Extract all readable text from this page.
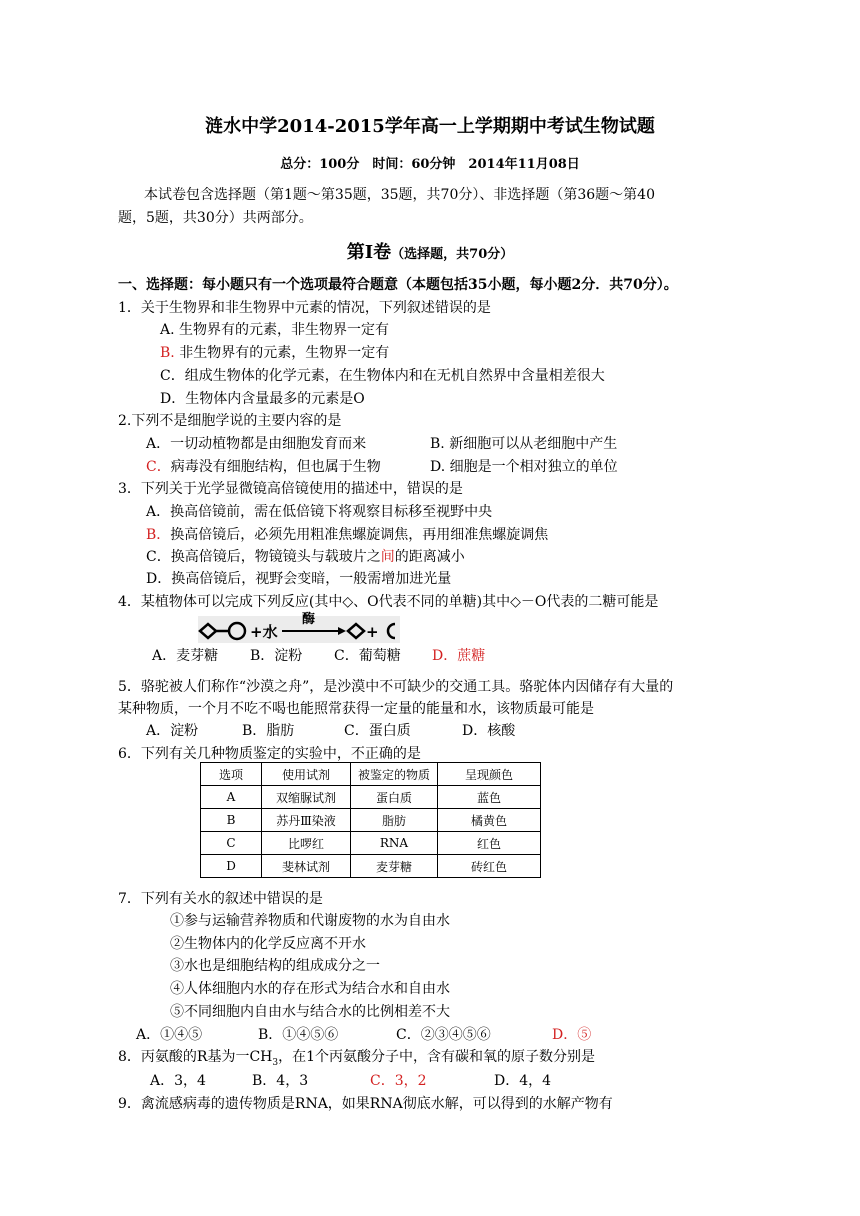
涟水中学2014-2015学年高一上学期期中考试生物试题
总分：100分　时间：60分钟　2014年11月08日
本试卷包含选择题（第1题～第35题，35题，共70分）、非选择题（第36题～第40
题，5题，共30分）共两部分。
第Ⅰ卷（选择题，共70分）
一、选择题：每小题只有一个选项最符合题意（本题包括35小题，每小题2分．共70分）。
1．关于生物界和非生物界中元素的情况，下列叙述错误的是
A. 生物界有的元素，非生物界一定有
B. 非生物界有的元素，生物界一定有
C．组成生物体的化学元素，在生物体内和在无机自然界中含量相差很大
D．生物体内含量最多的元素是O
2.下列不是细胞学说的主要内容的是
A．一切动植物都是由细胞发育而来	B. 新细胞可以从老细胞中产生
C．病毒没有细胞结构，但也属于生物	D. 细胞是一个相对独立的单位
3．下列关于光学显微镜高倍镜使用的描述中，错误的是
A．换高倍镜前，需在低倍镜下将观察目标移至视野中央
B．换高倍镜后，必须先用粗准焦螺旋调焦，再用细准焦螺旋调焦
C．换高倍镜后，物镜镜头与载玻片之间的距离减小
D．换高倍镜后，视野会变暗，一般需增加进光量
4．某植物体可以完成下列反应(其中◇、O代表不同的单糖)其中◇－O代表的二糖可能是
+水
酶
+
A．麦芽糖 B．淀粉 C．葡萄糖 D．蔗糖
5．骆驼被人们称作“沙漠之舟”，是沙漠中不可缺少的交通工具。骆驼体内因储存有大量的
某种物质，一个月不吃不喝也能照常获得一定量的能量和水，该物质最可能是
A．淀粉	B．脂肪	C．蛋白质	D．核酸
6．下列有关几种物质鉴定的实验中，不正确的是
选项	使用试剂	被鉴定的物质	呈现颜色
A	双缩脲试剂	蛋白质	蓝色
B	苏丹Ⅲ染液	脂肪	橘黄色
C	比啰红	RNA	红色
D	斐林试剂	麦芽糖	砖红色
7．下列有关水的叙述中错误的是
①参与运输营养物质和代谢废物的水为自由水
②生物体内的化学反应离不开水
③水也是细胞结构的组成成分之一
④人体细胞内水的存在形式为结合水和自由水
⑤不同细胞内自由水与结合水的比例相差不大
A．①④⑤	B．①④⑤⑥	C．②③④⑤⑥	D．⑤
8．丙氨酸的R基为一$CH_3$，在1个丙氨酸分子中，含有碳和氧的原子数分别是
A．3，4	B．4，3	C．3，2	D．4，4
9．禽流感病毒的遗传物质是RNA，如果RNA彻底水解，可以得到的水解产物有
